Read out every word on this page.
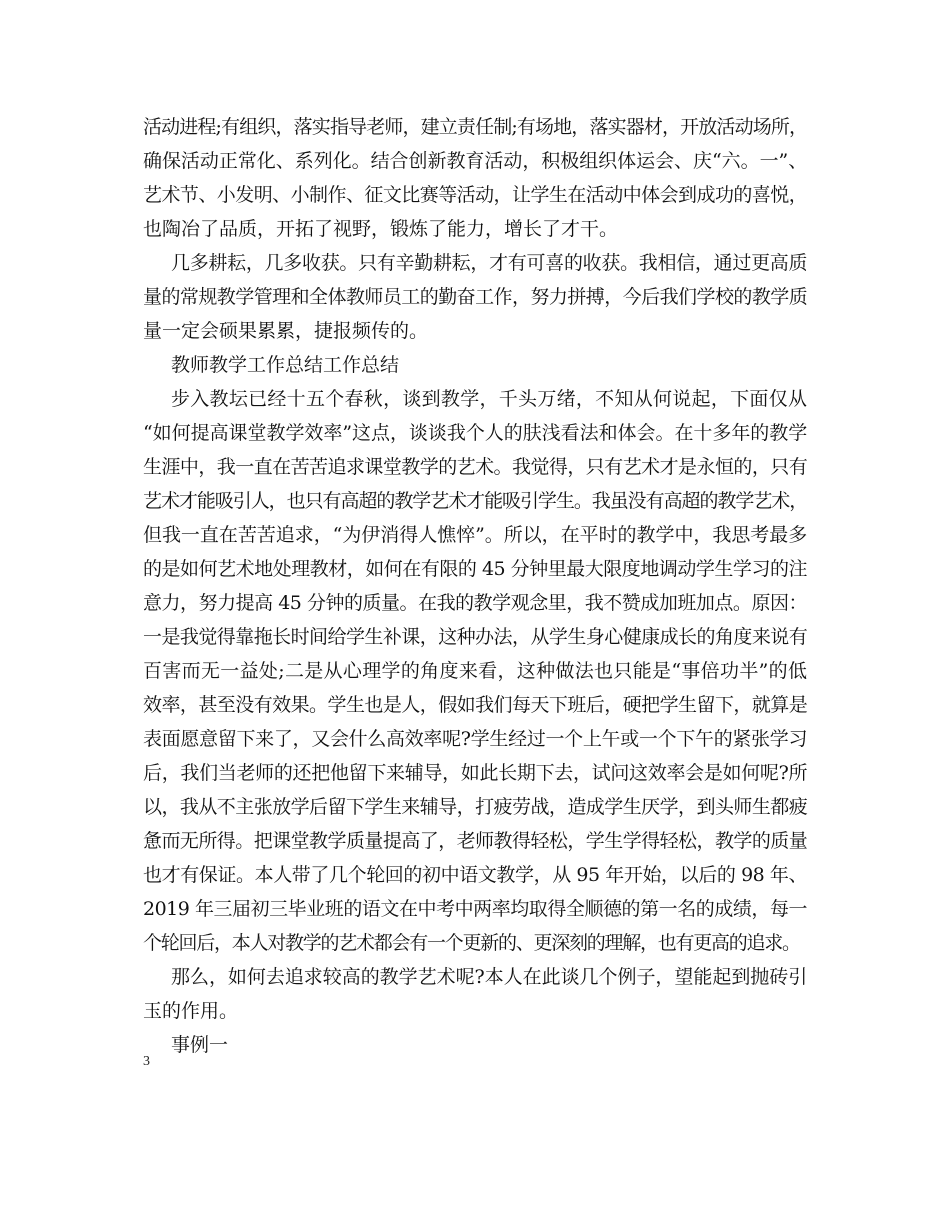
活动进程;有组织，落实指导老师，建立责任制;有场地，落实器材，开放活动场所，
确保活动正常化、系列化。结合创新教育活动，积极组织体运会、庆“六。一”、
艺术节、小发明、小制作、征文比赛等活动，让学生在活动中体会到成功的喜悦，
也陶冶了品质，开拓了视野，锻炼了能力，增长了才干。
几多耕耘，几多收获。只有辛勤耕耘，才有可喜的收获。我相信，通过更高质
量的常规教学管理和全体教师员工的勤奋工作，努力拼搏，今后我们学校的教学质
量一定会硕果累累，捷报频传的。
教师教学工作总结工作总结
步入教坛已经十五个春秋，谈到教学，千头万绪，不知从何说起，下面仅从
“如何提高课堂教学效率”这点，谈谈我个人的肤浅看法和体会。在十多年的教学
生涯中，我一直在苦苦追求课堂教学的艺术。我觉得，只有艺术才是永恒的，只有
艺术才能吸引人，也只有高超的教学艺术才能吸引学生。我虽没有高超的教学艺术，
但我一直在苦苦追求，“为伊消得人憔悴”。所以，在平时的教学中，我思考最多
的是如何艺术地处理教材，如何在有限的 45 分钟里最大限度地调动学生学习的注
意力，努力提高 45 分钟的质量。在我的教学观念里，我不赞成加班加点。原因：
一是我觉得靠拖长时间给学生补课，这种办法，从学生身心健康成长的角度来说有
百害而无一益处;二是从心理学的角度来看，这种做法也只能是“事倍功半”的低
效率，甚至没有效果。学生也是人，假如我们每天下班后，硬把学生留下，就算是
表面愿意留下来了，又会什么高效率呢?学生经过一个上午或一个下午的紧张学习
后，我们当老师的还把他留下来辅导，如此长期下去，试问这效率会是如何呢?所
以，我从不主张放学后留下学生来辅导，打疲劳战，造成学生厌学，到头师生都疲
惫而无所得。把课堂教学质量提高了，老师教得轻松，学生学得轻松，教学的质量
也才有保证。本人带了几个轮回的初中语文教学，从 95 年开始，以后的 98 年、
2019 年三届初三毕业班的语文在中考中两率均取得全顺德的第一名的成绩，每一
个轮回后，本人对教学的艺术都会有一个更新的、更深刻的理解，也有更高的追求。
那么，如何去追求较高的教学艺术呢?本人在此谈几个例子，望能起到抛砖引
玉的作用。
事例一
3
